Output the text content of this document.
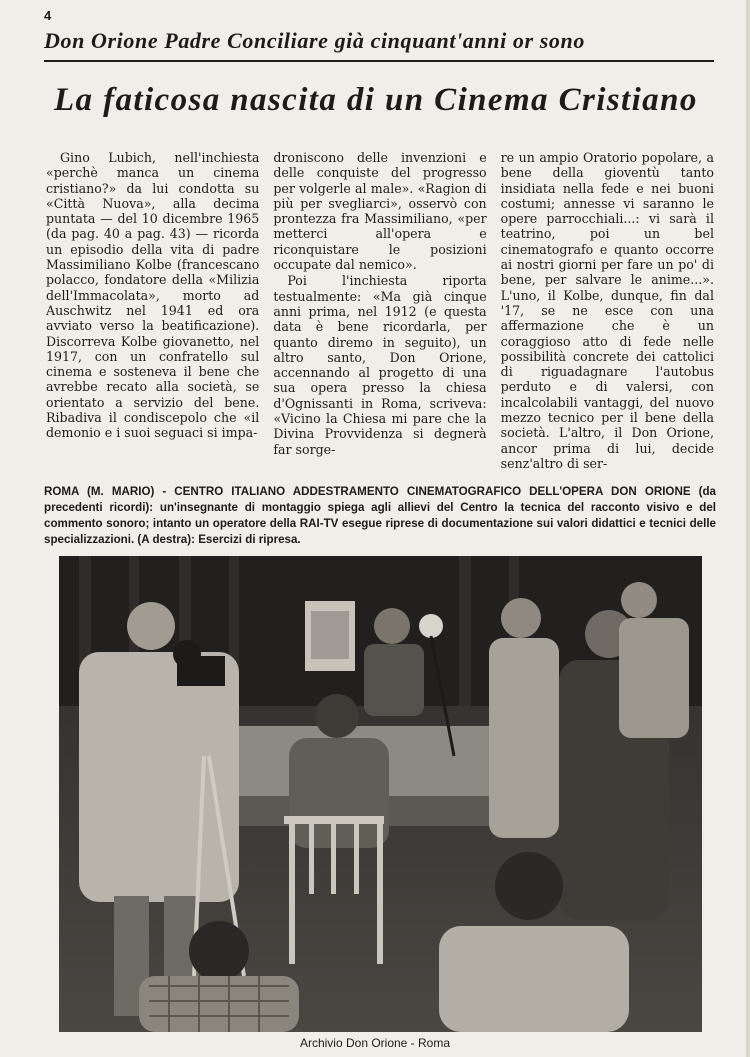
4
Don Orione Padre Conciliare già cinquant'anni or sono
La faticosa nascita di un Cinema Cristiano

Gino Lubich, nell'inchiesta «perchè manca un cinema cristiano?» da lui condotta su «Città Nuova», alla decima puntata — del 10 dicembre 1965 (da pag. 40 a pag. 43) — ricorda un episodio della vita di padre Massimiliano Kolbe (francescano polacco, fondatore della «Milizia dell'Immacolata», morto ad Auschwitz nel 1941 ed ora avviato verso la beatificazione). Discorreva Kolbe giovanetto, nel 1917, con un confratello sul cinema e sosteneva il bene che avrebbe recato alla società, se orientato a servizio del bene. Ribadiva il condiscepolo che «il demonio e i suoi seguaci si impa-

droniscono delle invenzioni e delle conquiste del progresso per volgerle al male». «Ragion di più per svegliarci», osservò con prontezza fra Massimiliano, «per metterci all'opera e riconquistare le posizioni occupate dal nemico».

Poi l'inchiesta riporta testualmente: «Ma già cinque anni prima, nel 1912 (e questa data è bene ricordarla, per quanto diremo in seguito), un altro santo, Don Orione, accennando al progetto di una sua opera presso la chiesa d'Ognissanti in Roma, scriveva: «Vicino la Chiesa mi pare che la Divina Provvidenza si degnerà far sorge-

re un ampio Oratorio popolare, a bene della gioventù tanto insidiata nella fede e nei buoni costumi; annesse vi saranno le opere parrocchiali...: vi sarà il teatrino, poi un bel cinematografo e quanto occorre ai nostri giorni per fare un po' di bene, per salvare le anime...». L'uno, il Kolbe, dunque, fin dal '17, se ne esce con una affermazione che è un coraggioso atto di fede nelle possibilità concrete dei cattolici di riguadagnare l'autobus perduto e di valersi, con incalcolabili vantaggi, del nuovo mezzo tecnico per il bene della società. L'altro, il Don Orione, ancor prima di lui, decide senz'altro di ser-

ROMA (M. MARIO) - CENTRO ITALIANO ADDESTRAMENTO CINEMATOGRAFICO DELL'OPERA DON ORIONE (da precedenti ricordi): un'insegnante di montaggio spiega agli allievi del Centro la tecnica del racconto visivo e del commento sonoro; intanto un operatore della RAI-TV esegue riprese di documentazione sui valori didattici e tecnici delle specializzazioni. (A destra): Esercizi di ripresa.
Archivio Don Orione - Roma
